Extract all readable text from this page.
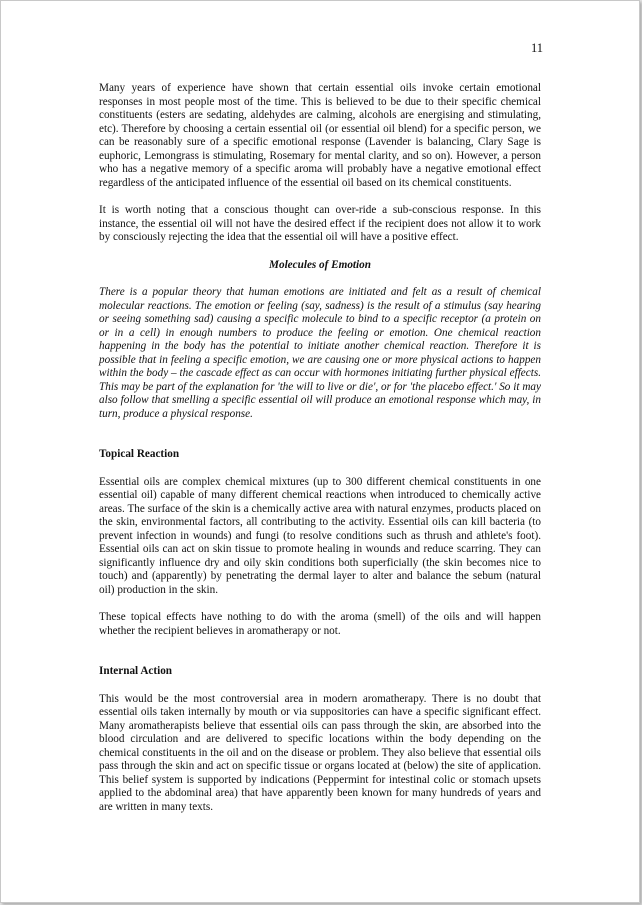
11

Many years of experience have shown that certain essential oils invoke certain emotional responses in most people most of the time. This is believed to be due to their specific chemical constituents (esters are sedating, aldehydes are calming, alcohols are energising and stimulating, etc). Therefore by choosing a certain essential oil (or essential oil blend) for a specific person, we can be reasonably sure of a specific emotional response (Lavender is balancing, Clary Sage is euphoric, Lemongrass is stimulating, Rosemary for mental clarity, and so on). However, a person who has a negative memory of a specific aroma will probably have a negative emotional effect regardless of the anticipated influence of the essential oil based on its chemical constituents.

It is worth noting that a conscious thought can over-ride a sub-conscious response. In this instance, the essential oil will not have the desired effect if the recipient does not allow it to work by consciously rejecting the idea that the essential oil will have a positive effect.

Molecules of Emotion

There is a popular theory that human emotions are initiated and felt as a result of chemical molecular reactions. The emotion or feeling (say, sadness) is the result of a stimulus (say hearing or seeing something sad) causing a specific molecule to bind to a specific receptor (a protein on or in a cell) in enough numbers to produce the feeling or emotion. One chemical reaction happening in the body has the potential to initiate another chemical reaction. Therefore it is possible that in feeling a specific emotion, we are causing one or more physical actions to happen within the body – the cascade effect as can occur with hormones initiating further physical effects. This may be part of the explanation for 'the will to live or die', or for 'the placebo effect.' So it may also follow that smelling a specific essential oil will produce an emotional response which may, in turn, produce a physical response.

Topical Reaction

Essential oils are complex chemical mixtures (up to 300 different chemical constituents in one essential oil) capable of many different chemical reactions when introduced to chemically active areas. The surface of the skin is a chemically active area with natural enzymes, products placed on the skin, environmental factors, all contributing to the activity. Essential oils can kill bacteria (to prevent infection in wounds) and fungi (to resolve conditions such as thrush and athlete's foot). Essential oils can act on skin tissue to promote healing in wounds and reduce scarring. They can significantly influence dry and oily skin conditions both superficially (the skin becomes nice to touch) and (apparently) by penetrating the dermal layer to alter and balance the sebum (natural oil) production in the skin.

These topical effects have nothing to do with the aroma (smell) of the oils and will happen whether the recipient believes in aromatherapy or not.

Internal Action

This would be the most controversial area in modern aromatherapy. There is no doubt that essential oils taken internally by mouth or via suppositories can have a specific significant effect. Many aromatherapists believe that essential oils can pass through the skin, are absorbed into the blood circulation and are delivered to specific locations within the body depending on the chemical constituents in the oil and on the disease or problem. They also believe that essential oils pass through the skin and act on specific tissue or organs located at (below) the site of application. This belief system is supported by indications (Peppermint for intestinal colic or stomach upsets applied to the abdominal area) that have apparently been known for many hundreds of years and are written in many texts.
